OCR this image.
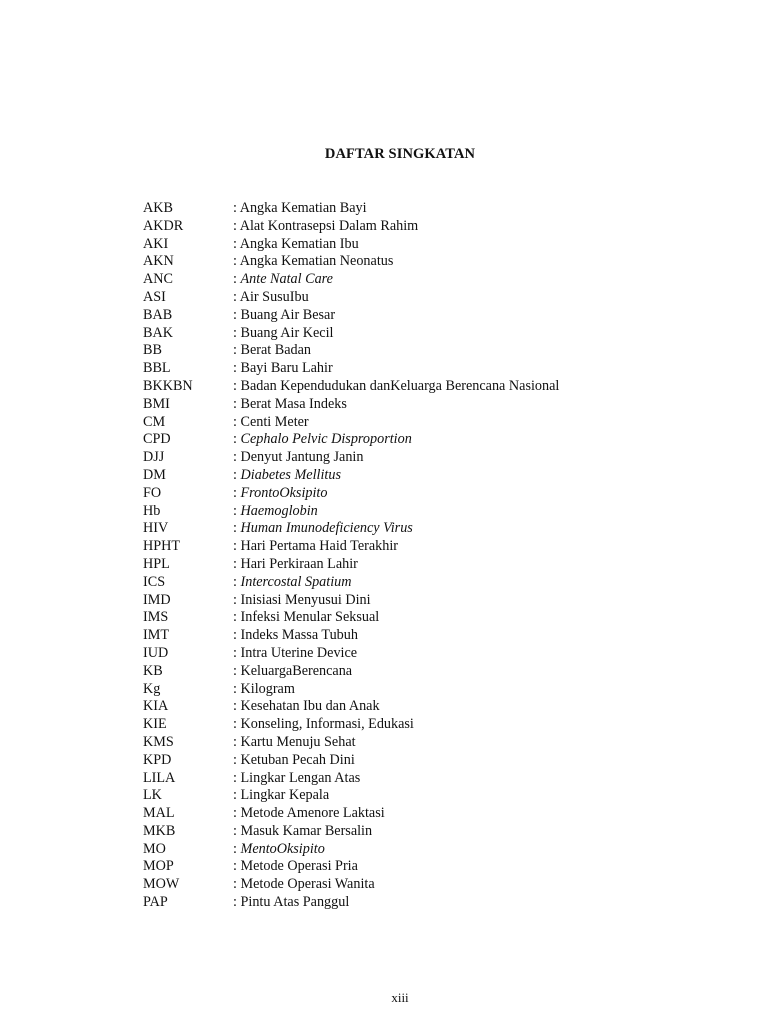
DAFTAR SINGKATAN
AKB	: Angka Kematian Bayi
AKDR	: Alat Kontrasepsi Dalam Rahim
AKI	: Angka Kematian Ibu
AKN	: Angka Kematian Neonatus
ANC	: Ante Natal Care
ASI	: Air SusuIbu
BAB	: Buang Air Besar
BAK	: Buang Air Kecil
BB	: Berat Badan
BBL	: Bayi Baru Lahir
BKKBN	: Badan Kependudukan danKeluarga Berencana Nasional
BMI	: Berat Masa Indeks
CM	: Centi Meter
CPD	: Cephalo Pelvic Disproportion
DJJ	: Denyut Jantung Janin
DM	: Diabetes Mellitus
FO	: FrontoOksipito
Hb	: Haemoglobin
HIV	: Human Imunodeficiency Virus
HPHT	: Hari Pertama Haid Terakhir
HPL	: Hari Perkiraan Lahir
ICS	: Intercostal Spatium
IMD	: Inisiasi Menyusui Dini
IMS	: Infeksi Menular Seksual
IMT	: Indeks Massa Tubuh
IUD	: Intra Uterine Device
KB	: KeluargaBerencana
Kg	: Kilogram
KIA	: Kesehatan Ibu dan Anak
KIE	: Konseling, Informasi, Edukasi
KMS	: Kartu Menuju Sehat
KPD	: Ketuban Pecah Dini
LILA	: Lingkar Lengan Atas
LK	: Lingkar Kepala
MAL	: Metode Amenore Laktasi
MKB	: Masuk Kamar Bersalin
MO	: MentoOksipito
MOP	: Metode Operasi Pria
MOW	: Metode Operasi Wanita
PAP	: Pintu Atas Panggul
xiii
